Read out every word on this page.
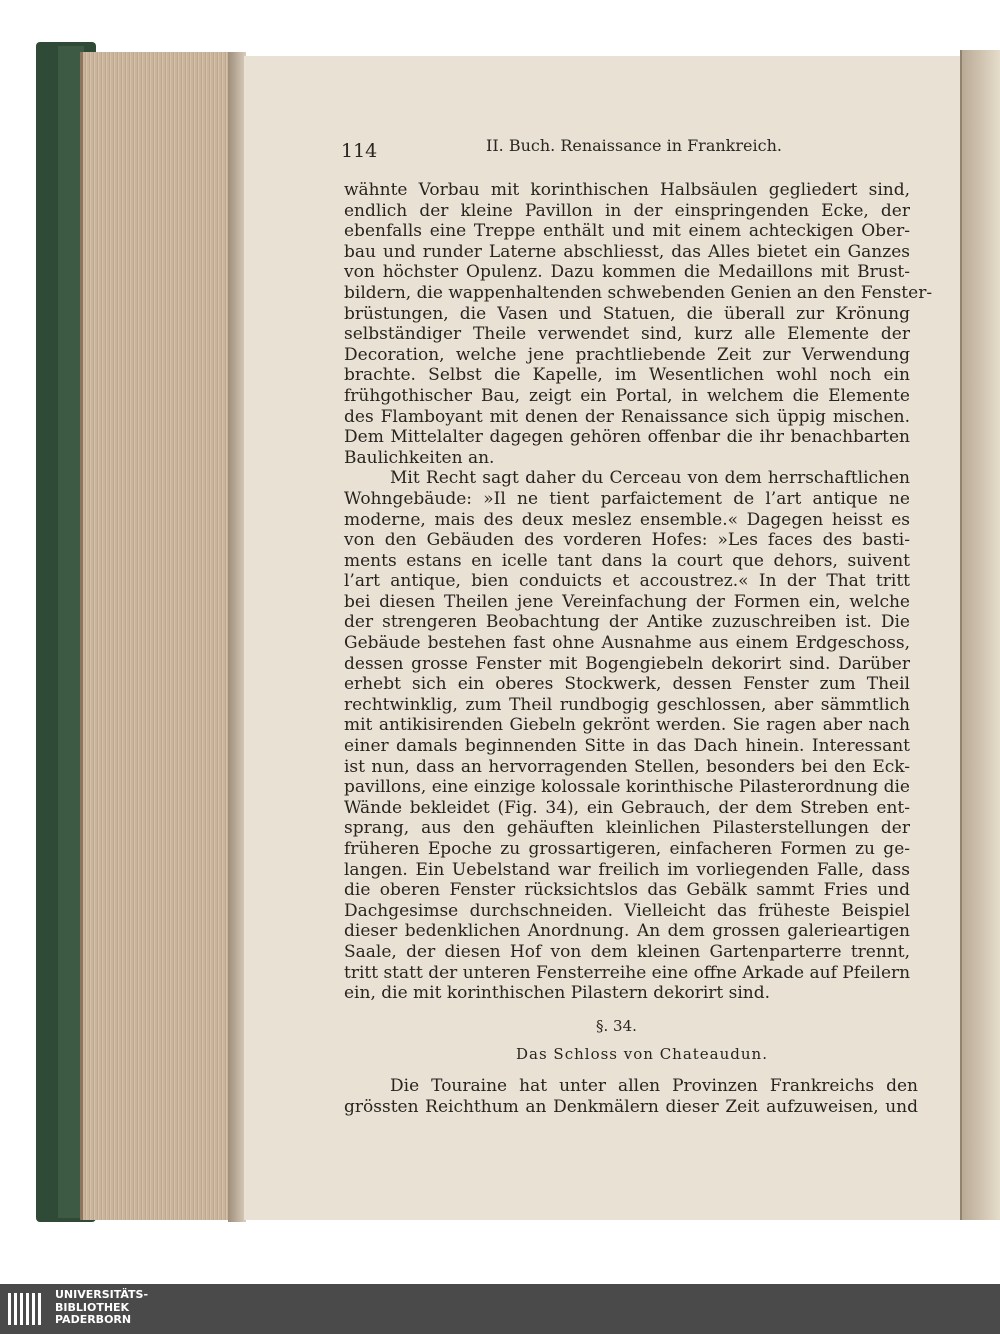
114	II. Buch. Renaissance in Frankreich.
wähnte Vorbau mit korinthischen Halbsäulen gegliedert sind,
endlich der kleine Pavillon in der einspringenden Ecke, der
ebenfalls eine Treppe enthält und mit einem achteckigen Ober-
bau und runder Laterne abschliesst, das Alles bietet ein Ganzes
von höchster Opulenz. Dazu kommen die Medaillons mit Brust-
bildern, die wappenhaltenden schwebenden Genien an den Fenster-
brüstungen, die Vasen und Statuen, die überall zur Krönung
selbständiger Theile verwendet sind, kurz alle Elemente der
Decoration, welche jene prachtliebende Zeit zur Verwendung
brachte. Selbst die Kapelle, im Wesentlichen wohl noch ein
frühgothischer Bau, zeigt ein Portal, in welchem die Elemente
des Flamboyant mit denen der Renaissance sich üppig mischen.
Dem Mittelalter dagegen gehören offenbar die ihr benachbarten
Baulichkeiten an.
Mit Recht sagt daher du Cerceau von dem herrschaftlichen
Wohngebäude: »Il ne tient parfaictement de l’art antique ne
moderne, mais des deux meslez ensemble.« Dagegen heisst es
von den Gebäuden des vorderen Hofes: »Les faces des basti-
ments estans en icelle tant dans la court que dehors, suivent
l’art antique, bien conduicts et accoustrez.« In der That tritt
bei diesen Theilen jene Vereinfachung der Formen ein, welche
der strengeren Beobachtung der Antike zuzuschreiben ist. Die
Gebäude bestehen fast ohne Ausnahme aus einem Erdgeschoss,
dessen grosse Fenster mit Bogengiebeln dekorirt sind. Darüber
erhebt sich ein oberes Stockwerk, dessen Fenster zum Theil
rechtwinklig, zum Theil rundbogig geschlossen, aber sämmtlich
mit antikisirenden Giebeln gekrönt werden. Sie ragen aber nach
einer damals beginnenden Sitte in das Dach hinein. Interessant
ist nun, dass an hervorragenden Stellen, besonders bei den Eck-
pavillons, eine einzige kolossale korinthische Pilasterordnung die
Wände bekleidet (Fig. 34), ein Gebrauch, der dem Streben ent-
sprang, aus den gehäuften kleinlichen Pilasterstellungen der
früheren Epoche zu grossartigeren, einfacheren Formen zu ge-
langen. Ein Uebelstand war freilich im vorliegenden Falle, dass
die oberen Fenster rücksichtslos das Gebälk sammt Fries und
Dachgesimse durchschneiden. Vielleicht das früheste Beispiel
dieser bedenklichen Anordnung. An dem grossen galerieartigen
Saale, der diesen Hof von dem kleinen Gartenparterre trennt,
tritt statt der unteren Fensterreihe eine offne Arkade auf Pfeilern
ein, die mit korinthischen Pilastern dekorirt sind.
§. 34.
Das Schloss von Chateaudun.
Die Touraine hat unter allen Provinzen Frankreichs den
grössten Reichthum an Denkmälern dieser Zeit aufzuweisen, und
UNIVERSITÄTS-
BIBLIOTHEK
PADERBORN
